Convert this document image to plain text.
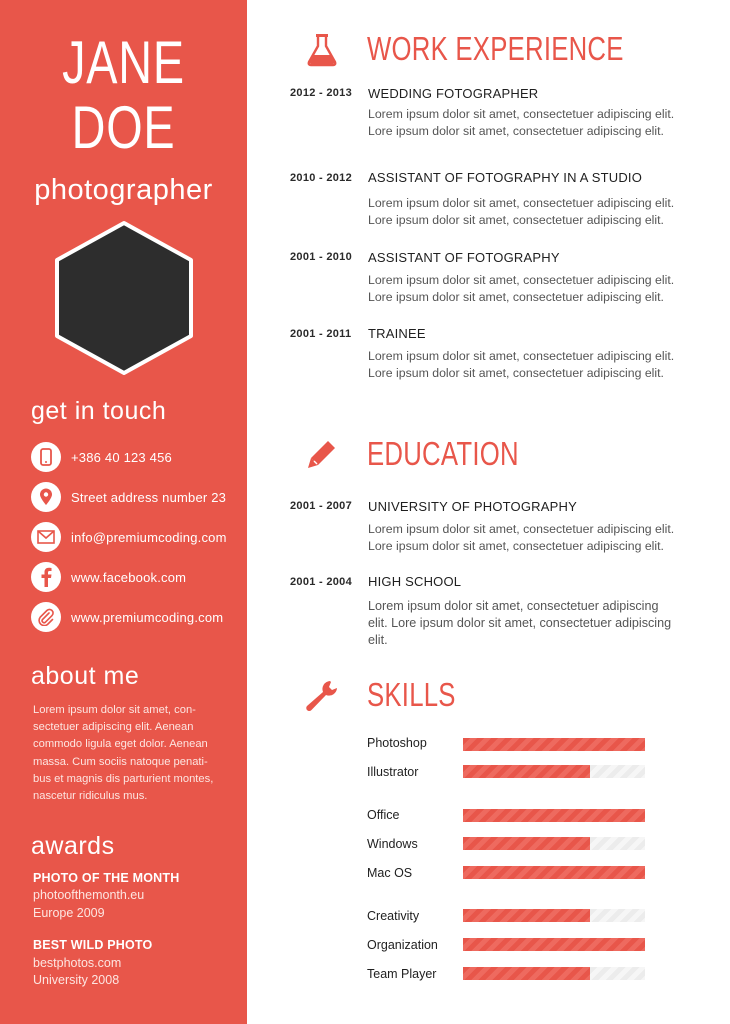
JANE
DOE
photographer
get in touch
+386 40 123 456
Street address number 23
info@premiumcoding.com
www.facebook.com
www.premiumcoding.com
about me
Lorem ipsum dolor sit amet, con-
sectetuer adipiscing elit. Aenean
commodo ligula eget dolor. Aenean
massa. Cum sociis natoque penati-
bus et magnis dis parturient montes,
nascetur ridiculus mus.
awards
PHOTO OF THE MONTH
photoofthemonth.eu
Europe 2009
BEST WILD PHOTO
bestphotos.com
University 2008
WORK EXPERIENCE
2012 - 2013 WEDDING FOTOGRAPHER
Lorem ipsum dolor sit amet, consectetuer adipiscing elit.
Lore ipsum dolor sit amet, consectetuer adipiscing elit.
2010 - 2012 ASSISTANT OF FOTOGRAPHY IN A STUDIO
Lorem ipsum dolor sit amet, consectetuer adipiscing elit.
Lore ipsum dolor sit amet, consectetuer adipiscing elit.
2001 - 2010 ASSISTANT OF FOTOGRAPHY
Lorem ipsum dolor sit amet, consectetuer adipiscing elit.
Lore ipsum dolor sit amet, consectetuer adipiscing elit.
2001 - 2011 TRAINEE
Lorem ipsum dolor sit amet, consectetuer adipiscing elit.
Lore ipsum dolor sit amet, consectetuer adipiscing elit.
EDUCATION
2001 - 2007 UNIVERSITY OF PHOTOGRAPHY
Lorem ipsum dolor sit amet, consectetuer adipiscing elit.
Lore ipsum dolor sit amet, consectetuer adipiscing elit.
2001 - 2004 HIGH SCHOOL
Lorem ipsum dolor sit amet, consectetuer adipiscing
elit. Lore ipsum dolor sit amet, consectetuer adipiscing
elit.
SKILLS
Photoshop
Illustrator
Office
Windows
Mac OS
Creativity
Organization
Team Player
